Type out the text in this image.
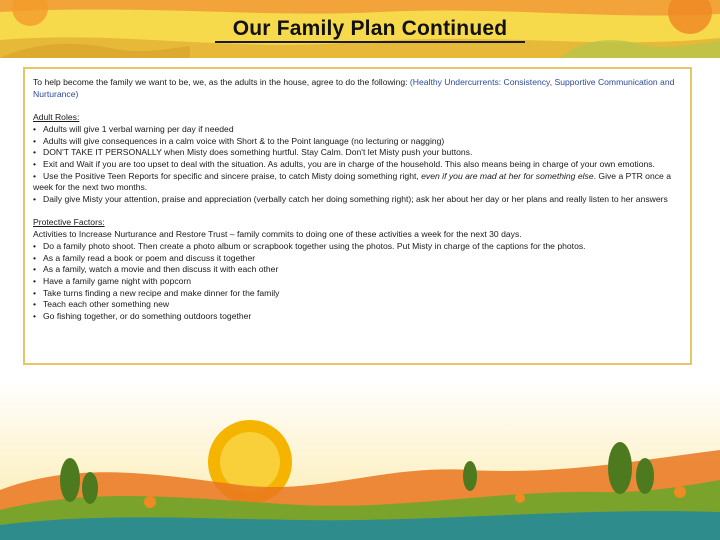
Our Family Plan Continued

To help become the family we want to be, we, as the adults in the house, agree to do the following: (Healthy Undercurrents: Consistency, Supportive Communication and Nurturance)

Adult Roles:

• Adults will give 1 verbal warning per day if needed

• Adults will give consequences in a calm voice with Short & to the Point language (no lecturing or nagging)

• DON'T TAKE IT PERSONALLY when Misty does something hurtful. Stay Calm. Don't let Misty push your buttons.

• Exit and Wait if you are too upset to deal with the situation. As adults, you are in charge of the household. This also means being in charge of your own emotions.

• Use the Positive Teen Reports for specific and sincere praise, to catch Misty doing something right, even if you are mad at her for something else. Give a PTR once a week for the next two months.

• Daily give Misty your attention, praise and appreciation (verbally catch her doing something right); ask her about her day or her plans and really listen to her answers

Protective Factors:

Activities to Increase Nurturance and Restore Trust – family commits to doing one of these activities a week for the next 30 days.

• Do a family photo shoot. Then create a photo album or scrapbook together using the photos. Put Misty in charge of the captions for the photos.

• As a family read a book or poem and discuss it together

• As a family, watch a movie and then discuss it with each other

• Have a family game night with popcorn

• Take turns finding a new recipe and make dinner for the family

• Teach each other something new

• Go fishing together, or do something outdoors together
